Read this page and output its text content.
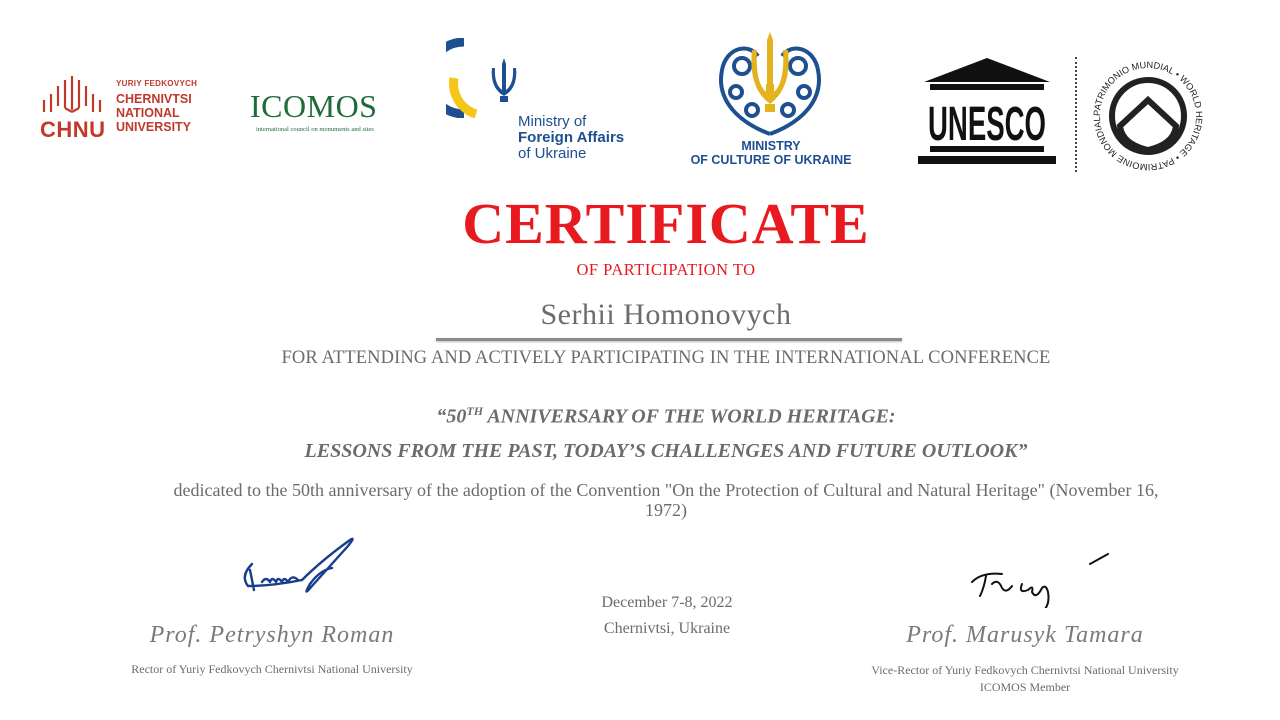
CHNU
YURIY FEDKOVYCH
CHERNIVTSI
NATIONAL
UNIVERSITY
ICOMOS
international council on monuments and sites	Ministry of
Foreign Affairs
of Ukraine	MINISTRY
OF CULTURE OF UKRAINE
UNESCO	PATRIMONIO MUNDIAL • WORLD HERITAGE • PATRIMOINE MONDIAL
CERTIFICATE
OF PARTICIPATION TO
Serhii Homonovych
FOR ATTENDING AND ACTIVELY PARTICIPATING IN THE INTERNATIONAL CONFERENCE
“50TH ANNIVERSARY OF THE WORLD HERITAGE:
LESSONS FROM THE PAST, TODAY’S CHALLENGES AND FUTURE OUTLOOK”
dedicated to the 50th anniversary of the adoption of the Convention "On the Protection of Cultural and Natural Heritage" (November 16, 1972)
Prof. Petryshyn Roman
Rector of Yuriy Fedkovych Chernivtsi National University
December 7-8, 2022
Chernivtsi, Ukraine	Prof. Marusyk Tamara
Vice-Rector of Yuriy Fedkovych Chernivtsi National University
ICOMOS Member
